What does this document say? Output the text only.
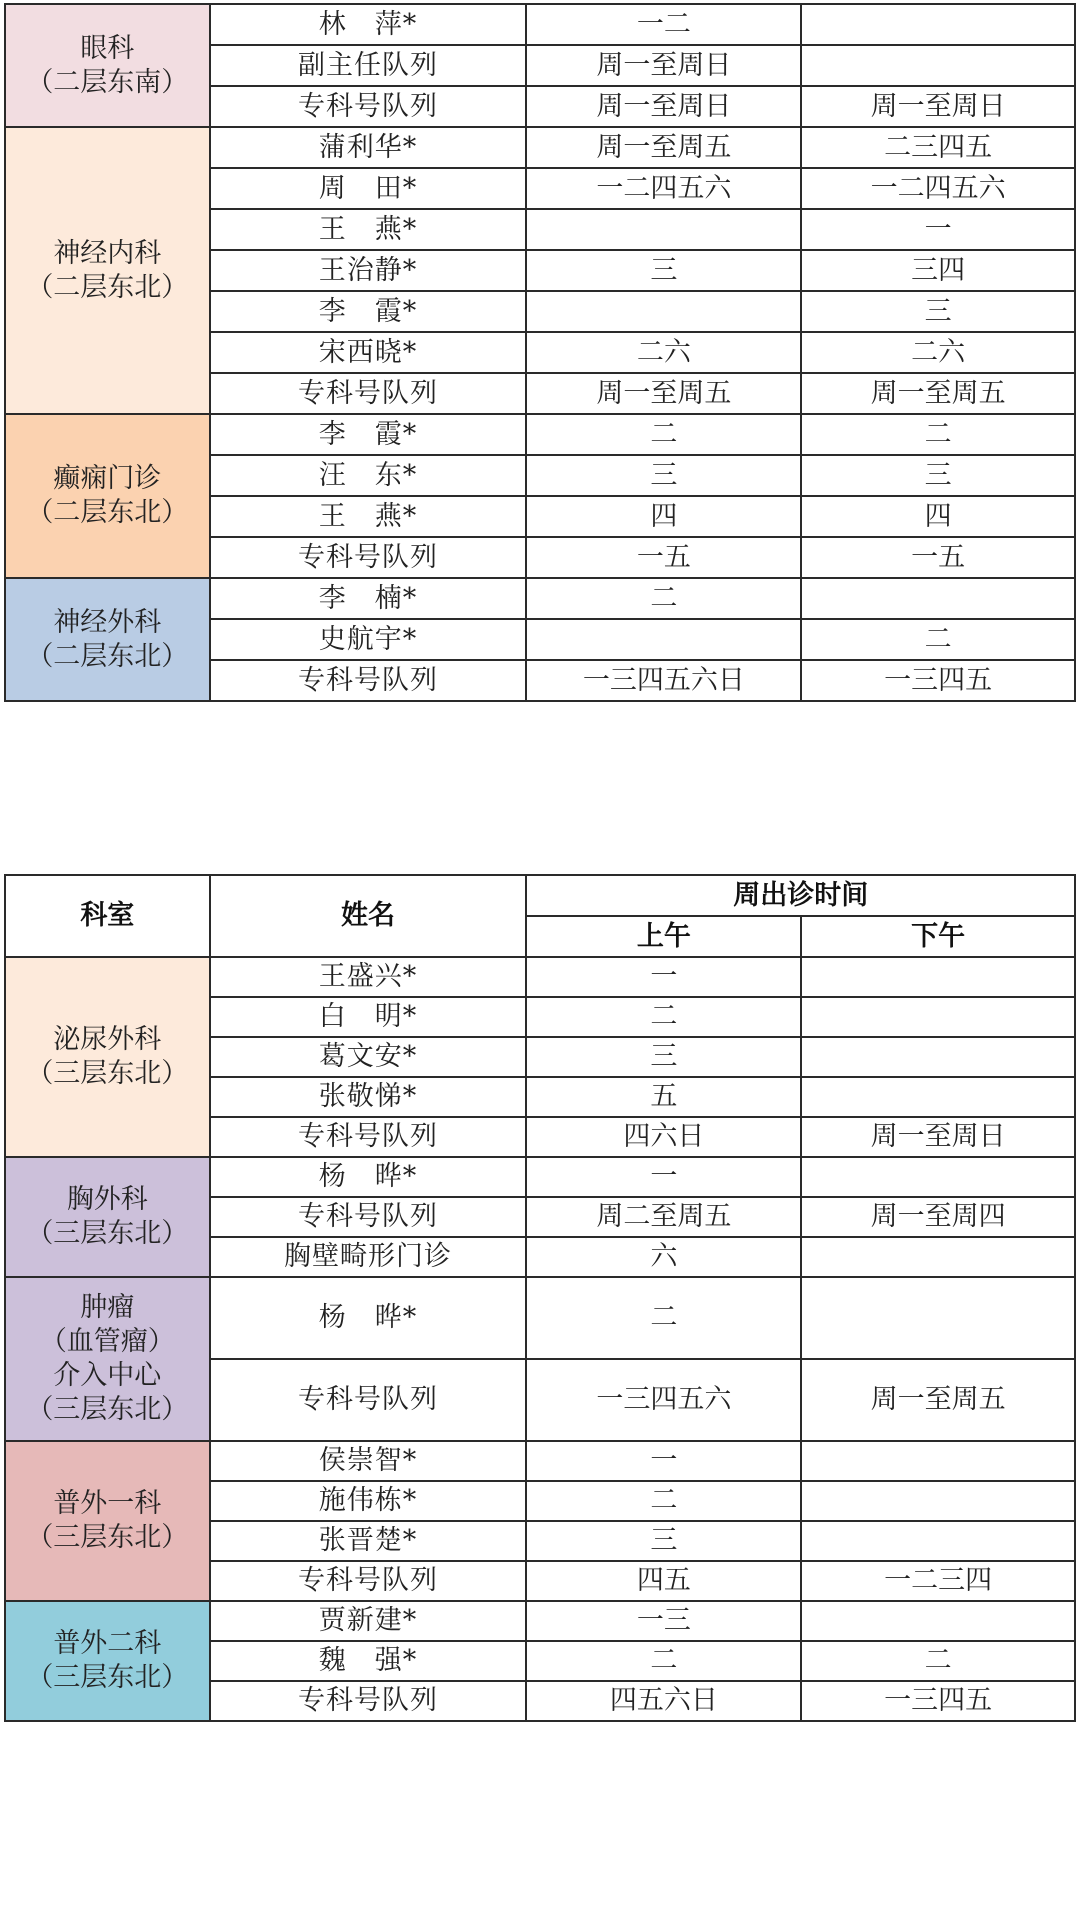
眼科
（二层东南）	林　萍*	一二	
	副主任队列	周一至周日	
	专科号队列	周一至周日	周一至周日

神经内科
（二层东北）	蒲利华*	周一至周五	二三四五
	周　田*	一二四五六	一二四五六
	王　燕*		一
	王治静*	三	三四
	李　霞*		三
	宋西晓*	二六	二六
	专科号队列	周一至周五	周一至周五

癫痫门诊
（二层东北）	李　霞*	二	二
	汪　东*	三	三
	王　燕*	四	四
	专科号队列	一五	一五

神经外科
（二层东北）	李　楠*	二	
	史航宇*		二
	专科号队列	一三四五六日	一三四五
科室	姓名	周出诊时间	
		上午	下午

泌尿外科
（三层东北）	王盛兴*	一	
	白　明*	二	
	葛文安*	三	
	张敬悌*	五	
	专科号队列	四六日	周一至周日

胸外科
（三层东北）	杨　晔*	一	
	专科号队列	周二至周五	周一至周四
	胸壁畸形门诊	六	

肿瘤
（血管瘤）
介入中心
（三层东北）	杨　晔*	二	
	专科号队列	一三四五六	周一至周五

普外一科
（三层东北）	侯崇智*	一	
	施伟栋*	二	
	张晋楚*	三	
	专科号队列	四五	一二三四

普外二科
（三层东北）	贾新建*	一三	
	魏　强*	二	二
	专科号队列	四五六日	一三四五
